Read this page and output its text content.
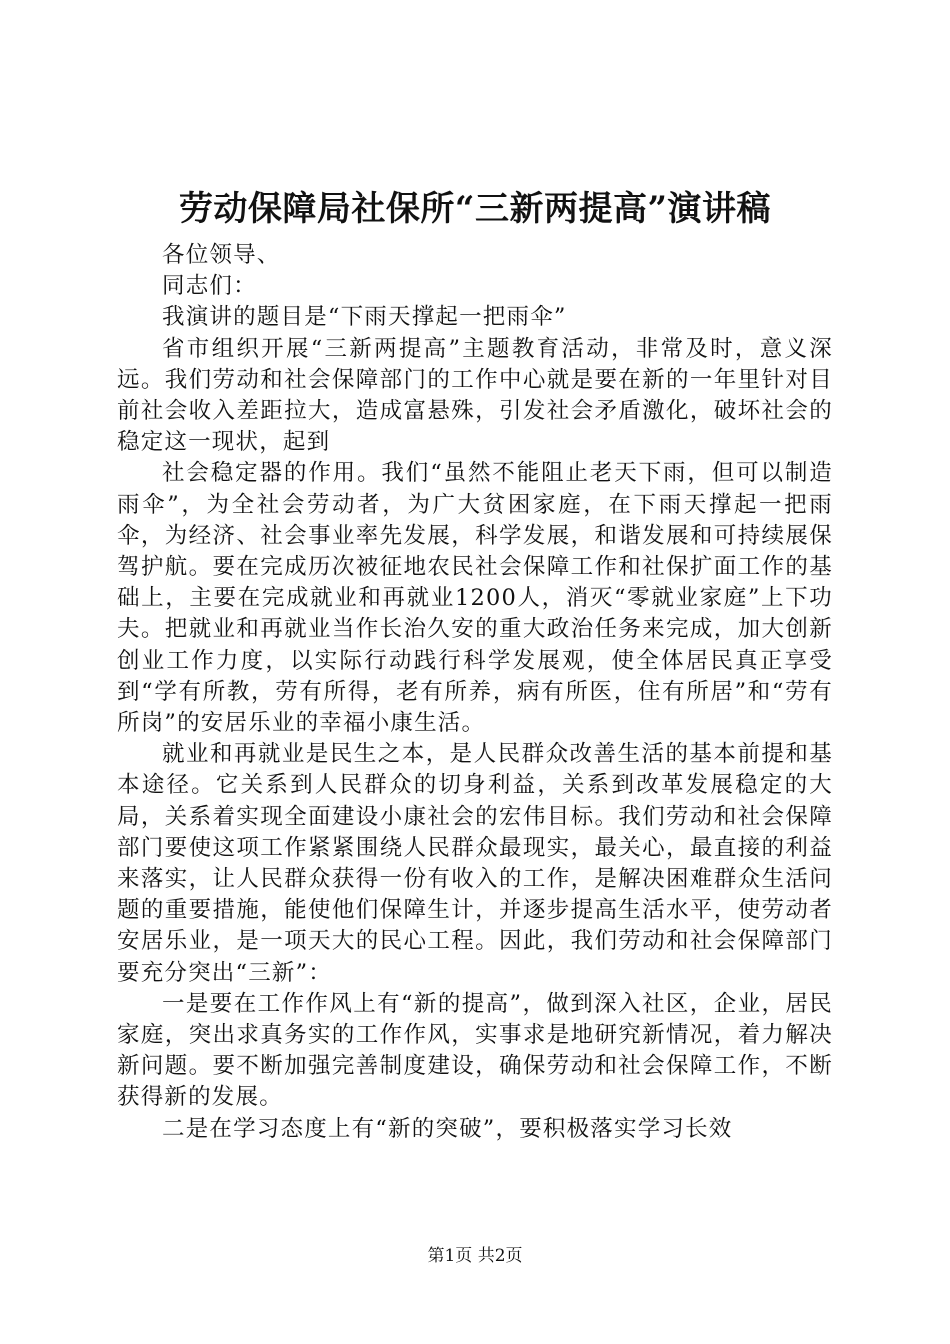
劳动保障局社保所“三新两提高”演讲稿

各位领导、

同志们：

我演讲的题目是“下雨天撑起一把雨伞”

省市组织开展“三新两提高”主题教育活动，非常及时，意义深远。我们劳动和社会保障部门的工作中心就是要在新的一年里针对目前社会收入差距拉大，造成富悬殊，引发社会矛盾激化，破坏社会的稳定这一现状，起到

社会稳定器的作用。我们“虽然不能阻止老天下雨，但可以制造雨伞”，为全社会劳动者，为广大贫困家庭，在下雨天撑起一把雨伞，为经济、社会事业率先发展，科学发展，和谐发展和可持续展保驾护航。要在完成历次被征地农民社会保障工作和社保扩面工作的基础上，主要在完成就业和再就业1200人，消灭“零就业家庭”上下功夫。把就业和再就业当作长治久安的重大政治任务来完成，加大创新创业工作力度，以实际行动践行科学发展观，使全体居民真正享受到“学有所教，劳有所得，老有所养，病有所医，住有所居”和“劳有所岗”的安居乐业的幸福小康生活。

就业和再就业是民生之本，是人民群众改善生活的基本前提和基本途径。它关系到人民群众的切身利益，关系到改革发展稳定的大局，关系着实现全面建设小康社会的宏伟目标。我们劳动和社会保障部门要使这项工作紧紧围绕人民群众最现实，最关心，最直接的利益来落实，让人民群众获得一份有收入的工作，是解决困难群众生活问题的重要措施，能使他们保障生计，并逐步提高生活水平，使劳动者安居乐业，是一项天大的民心工程。因此，我们劳动和社会保障部门要充分突出“三新”：

一是要在工作作风上有“新的提高”，做到深入社区，企业，居民家庭，突出求真务实的工作作风，实事求是地研究新情况，着力解决新问题。要不断加强完善制度建设，确保劳动和社会保障工作，不断获得新的发展。

二是在学习态度上有“新的突破”，要积极落实学习长效

第1页 共2页
